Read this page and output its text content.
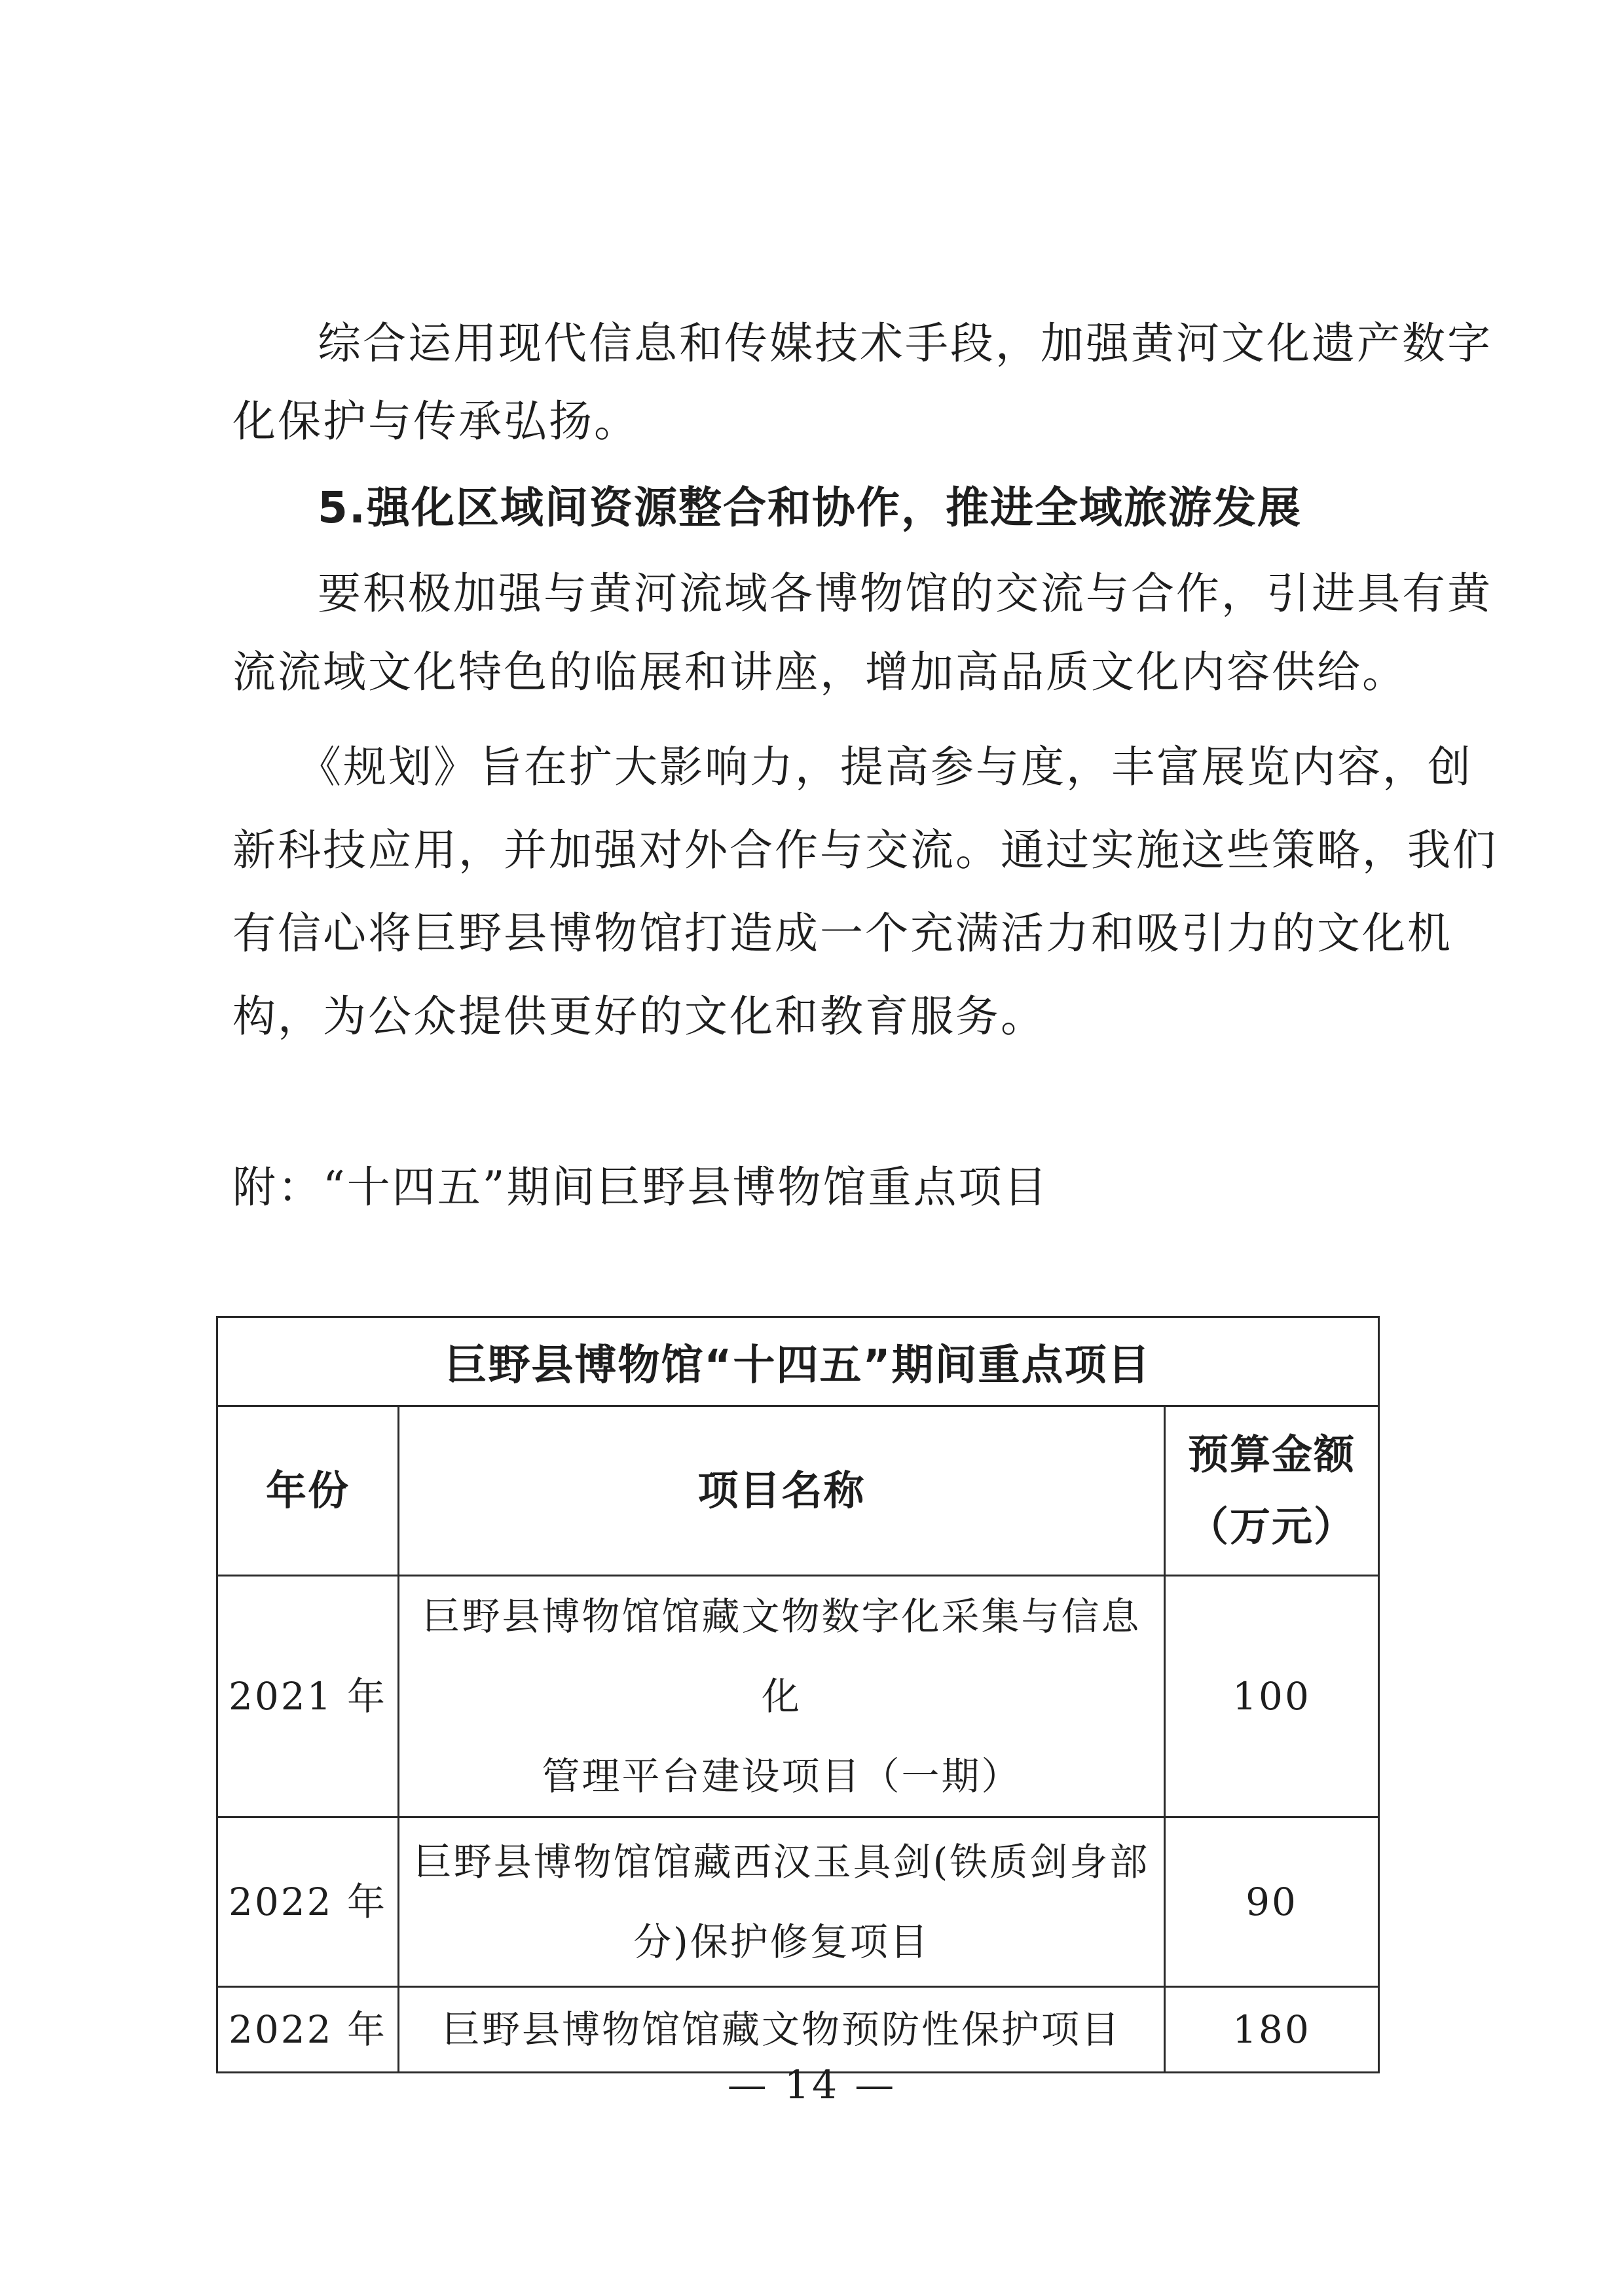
综合运用现代信息和传媒技术手段，加强黄河文化遗产数字
化保护与传承弘扬。
5.强化区域间资源整合和协作，推进全域旅游发展
要积极加强与黄河流域各博物馆的交流与合作，引进具有黄
流流域文化特色的临展和讲座，增加高品质文化内容供给。
《规划》旨在扩大影响力，提高参与度，丰富展览内容，创
新科技应用，并加强对外合作与交流。通过实施这些策略，我们
有信心将巨野县博物馆打造成一个充满活力和吸引力的文化机
构，为公众提供更好的文化和教育服务。
附：“十四五”期间巨野县博物馆重点项目
巨野县博物馆“十四五”期间重点项目		
年份	项目名称	预算金额
（万元）

2021 年	巨野县博物馆馆藏文物数字化采集与信息化
管理平台建设项目（一期）	100
2022 年	巨野县博物馆馆藏西汉玉具剑(铁质剑身部
分)保护修复项目	90
2022 年	巨野县博物馆馆藏文物预防性保护项目	180
— 14 —
